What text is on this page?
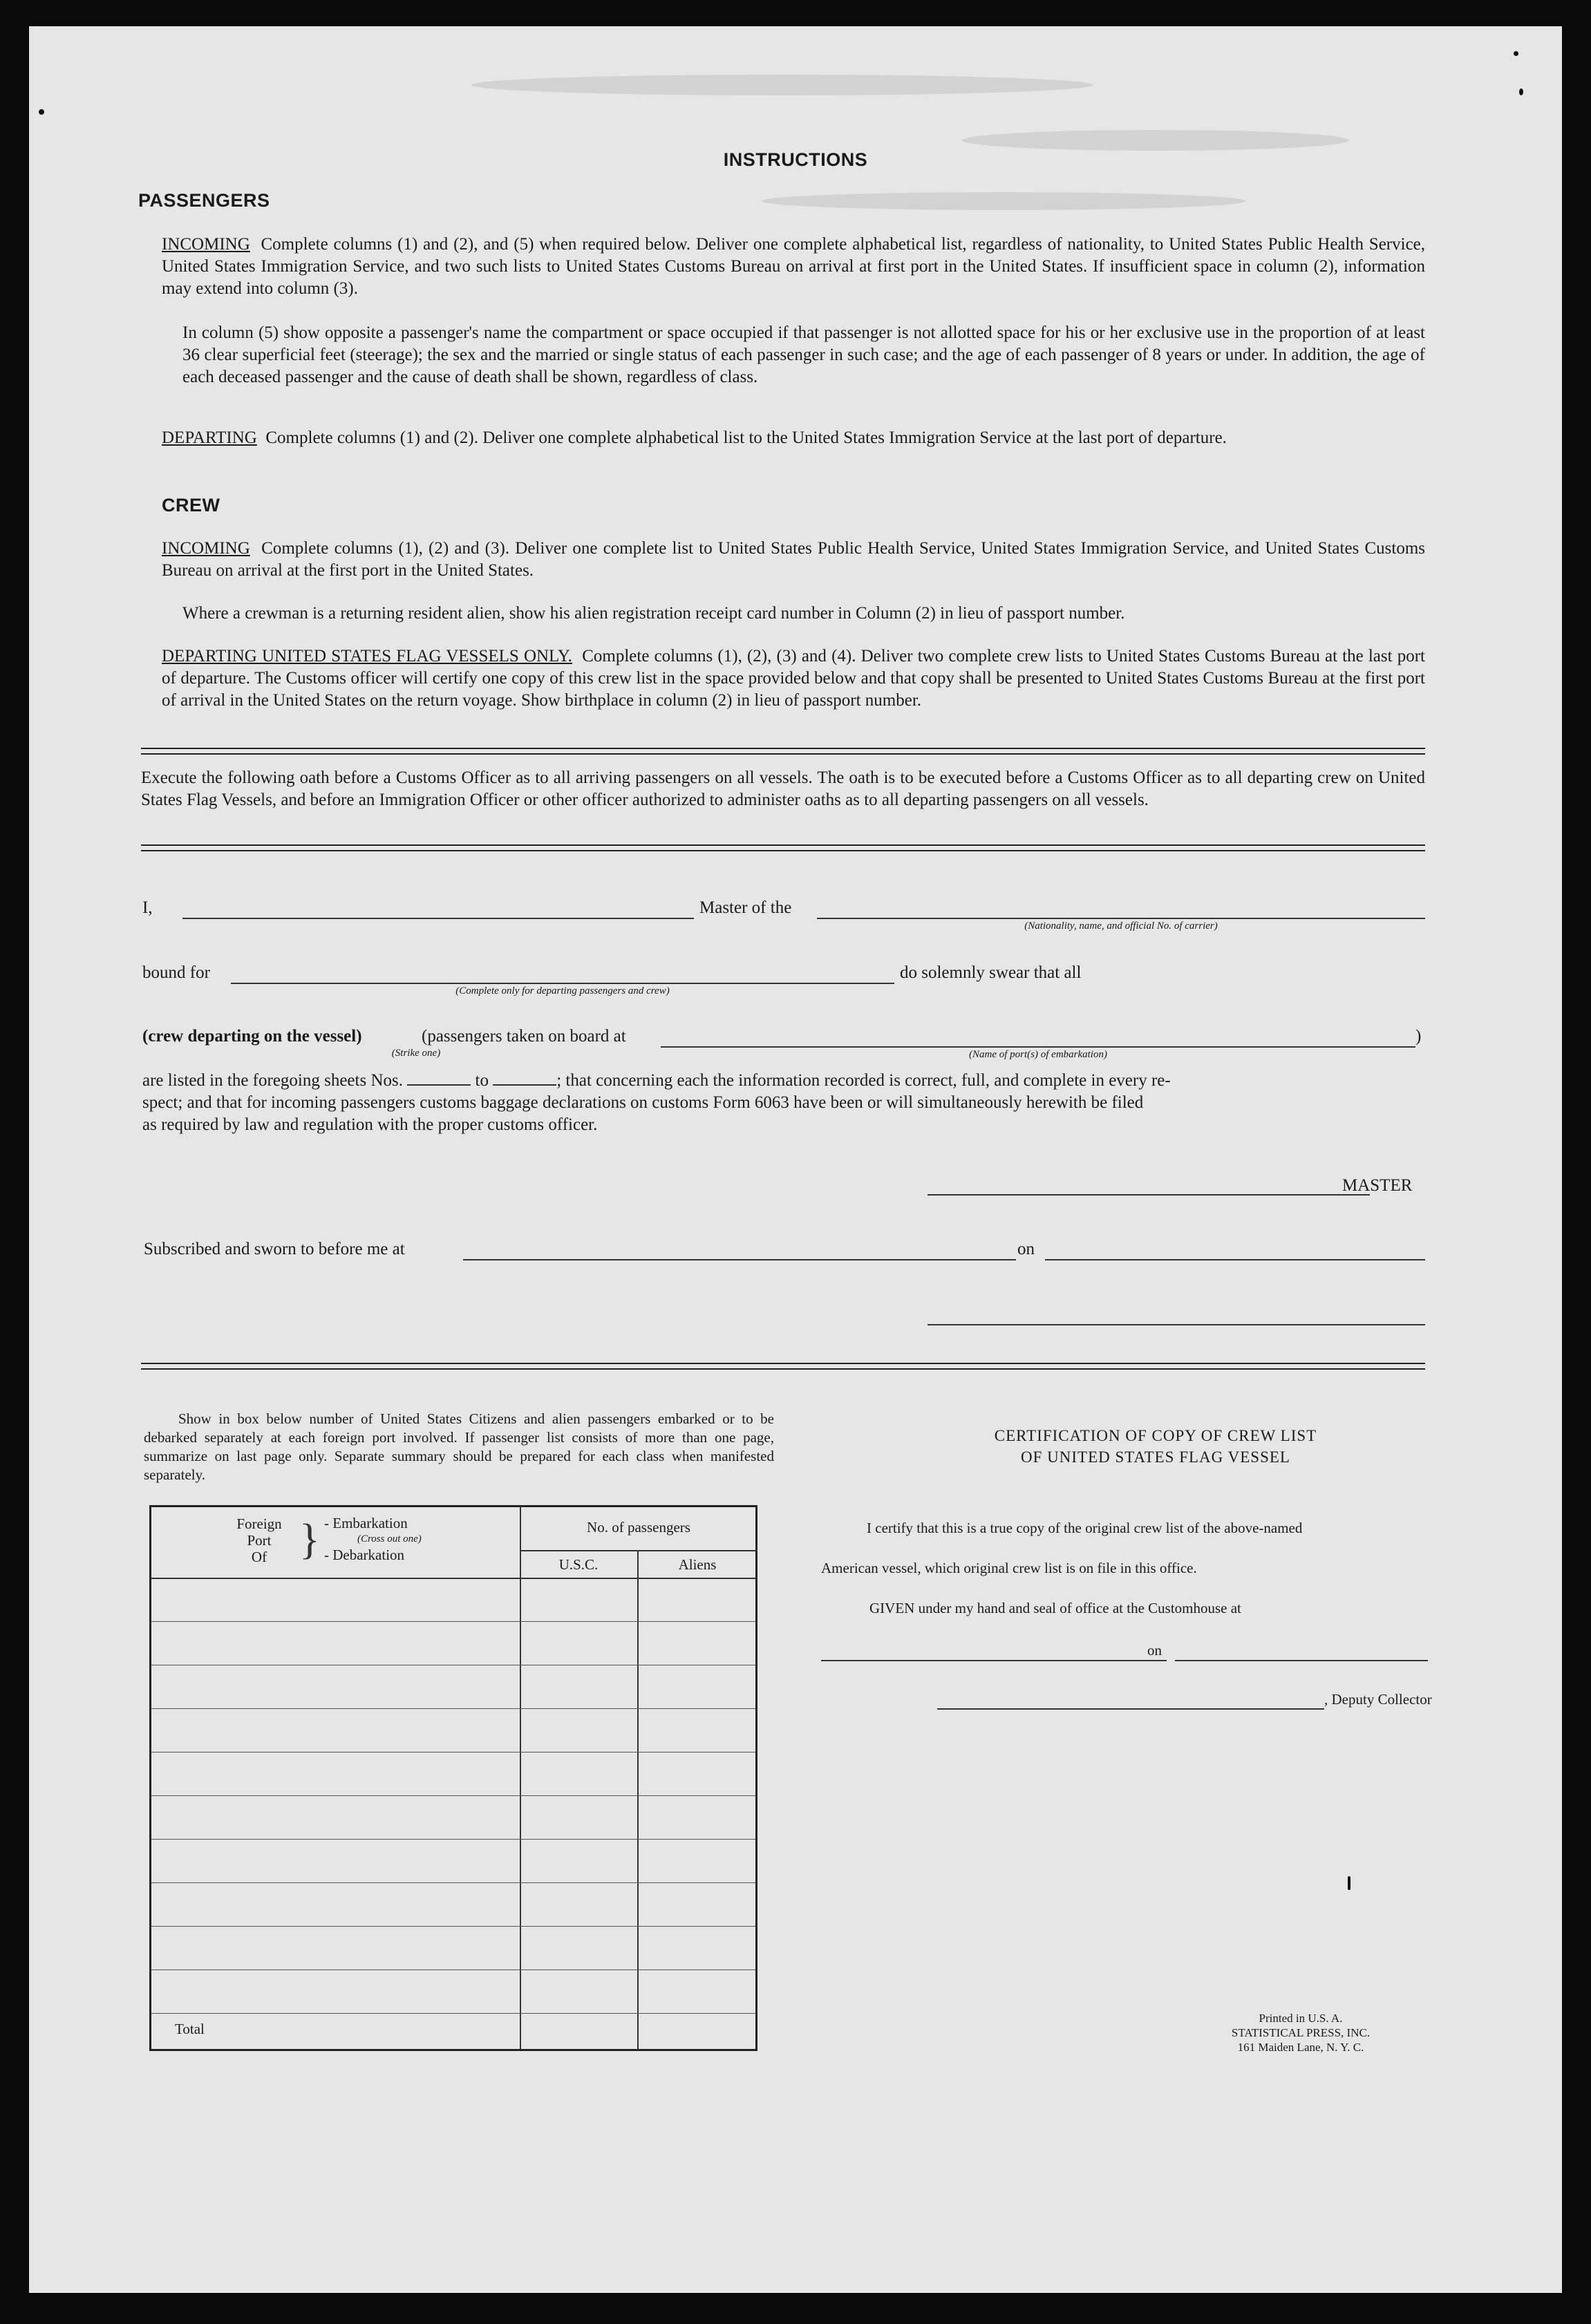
INSTRUCTIONS
PASSENGERS
INCOMING Complete columns (1) and (2), and (5) when required below. Deliver one complete alphabetical list, regardless of nationality, to United States Public Health Service, United States Immigration Service, and two such lists to United States Customs Bureau on arrival at first port in the United States. If insufficient space in column (2), information may extend into column (3).
In column (5) show opposite a passenger's name the compartment or space occupied if that passenger is not allotted space for his or her exclusive use in the proportion of at least 36 clear superficial feet (steerage); the sex and the married or single status of each passenger in such case; and the age of each passenger of 8 years or under. In addition, the age of each deceased passenger and the cause of death shall be shown, regardless of class.
DEPARTING Complete columns (1) and (2). Deliver one complete alphabetical list to the United States Immigration Service at the last port of departure.
CREW
INCOMING Complete columns (1), (2) and (3). Deliver one complete list to United States Public Health Service, United States Immigration Service, and United States Customs Bureau on arrival at the first port in the United States.
Where a crewman is a returning resident alien, show his alien registration receipt card number in Column (2) in lieu of passport number.
DEPARTING UNITED STATES FLAG VESSELS ONLY. Complete columns (1), (2), (3) and (4). Deliver two complete crew lists to United States Customs Bureau at the last port of departure. The Customs officer will certify one copy of this crew list in the space provided below and that copy shall be presented to United States Customs Bureau at the first port of arrival in the United States on the return voyage. Show birthplace in column (2) in lieu of passport number.
Execute the following oath before a Customs Officer as to all arriving passengers on all vessels. The oath is to be executed before a Customs Officer as to all departing crew on United States Flag Vessels, and before an Immigration Officer or other officer authorized to administer oaths as to all departing passengers on all vessels.
I,	Master of the
(Nationality, name, and official No. of carrier)
bound for
(Complete only for departing passengers and crew)
do solemnly swear that all
(crew departing on the vessel)	(passengers taken on board at
(Strike one)
)
(Name of port(s) of embarkation)
are listed in the foregoing sheets Nos.	to	; that concerning each the information recorded is correct, full, and complete in every re-
spect; and that for incoming passengers customs baggage declarations on customs Form 6063 have been or will simultaneously herewith be filed
as required by law and regulation with the proper customs officer.
MASTER
Subscribed and sworn to before me at	on
Show in box below number of United States Citizens and alien passengers embarked or to be debarked separately at each foreign port involved. If passenger list consists of more than one page, summarize on last page only. Separate summary should be prepared for each class when manifested separately.
Foreign
Port
Of } - Embarkation
(Cross out one)
- Debarkation
No. of passengers
U.S.C.	Aliens
Total
CERTIFICATION OF COPY OF CREW LIST
OF UNITED STATES FLAG VESSEL
I certify that this is a true copy of the original crew list of the above-named
American vessel, which original crew list is on file in this office.
GIVEN under my hand and seal of office at the Customhouse at
on
, Deputy Collector
Printed in U.S. A.
STATISTICAL PRESS, INC.
161 Maiden Lane, N. Y. C.
